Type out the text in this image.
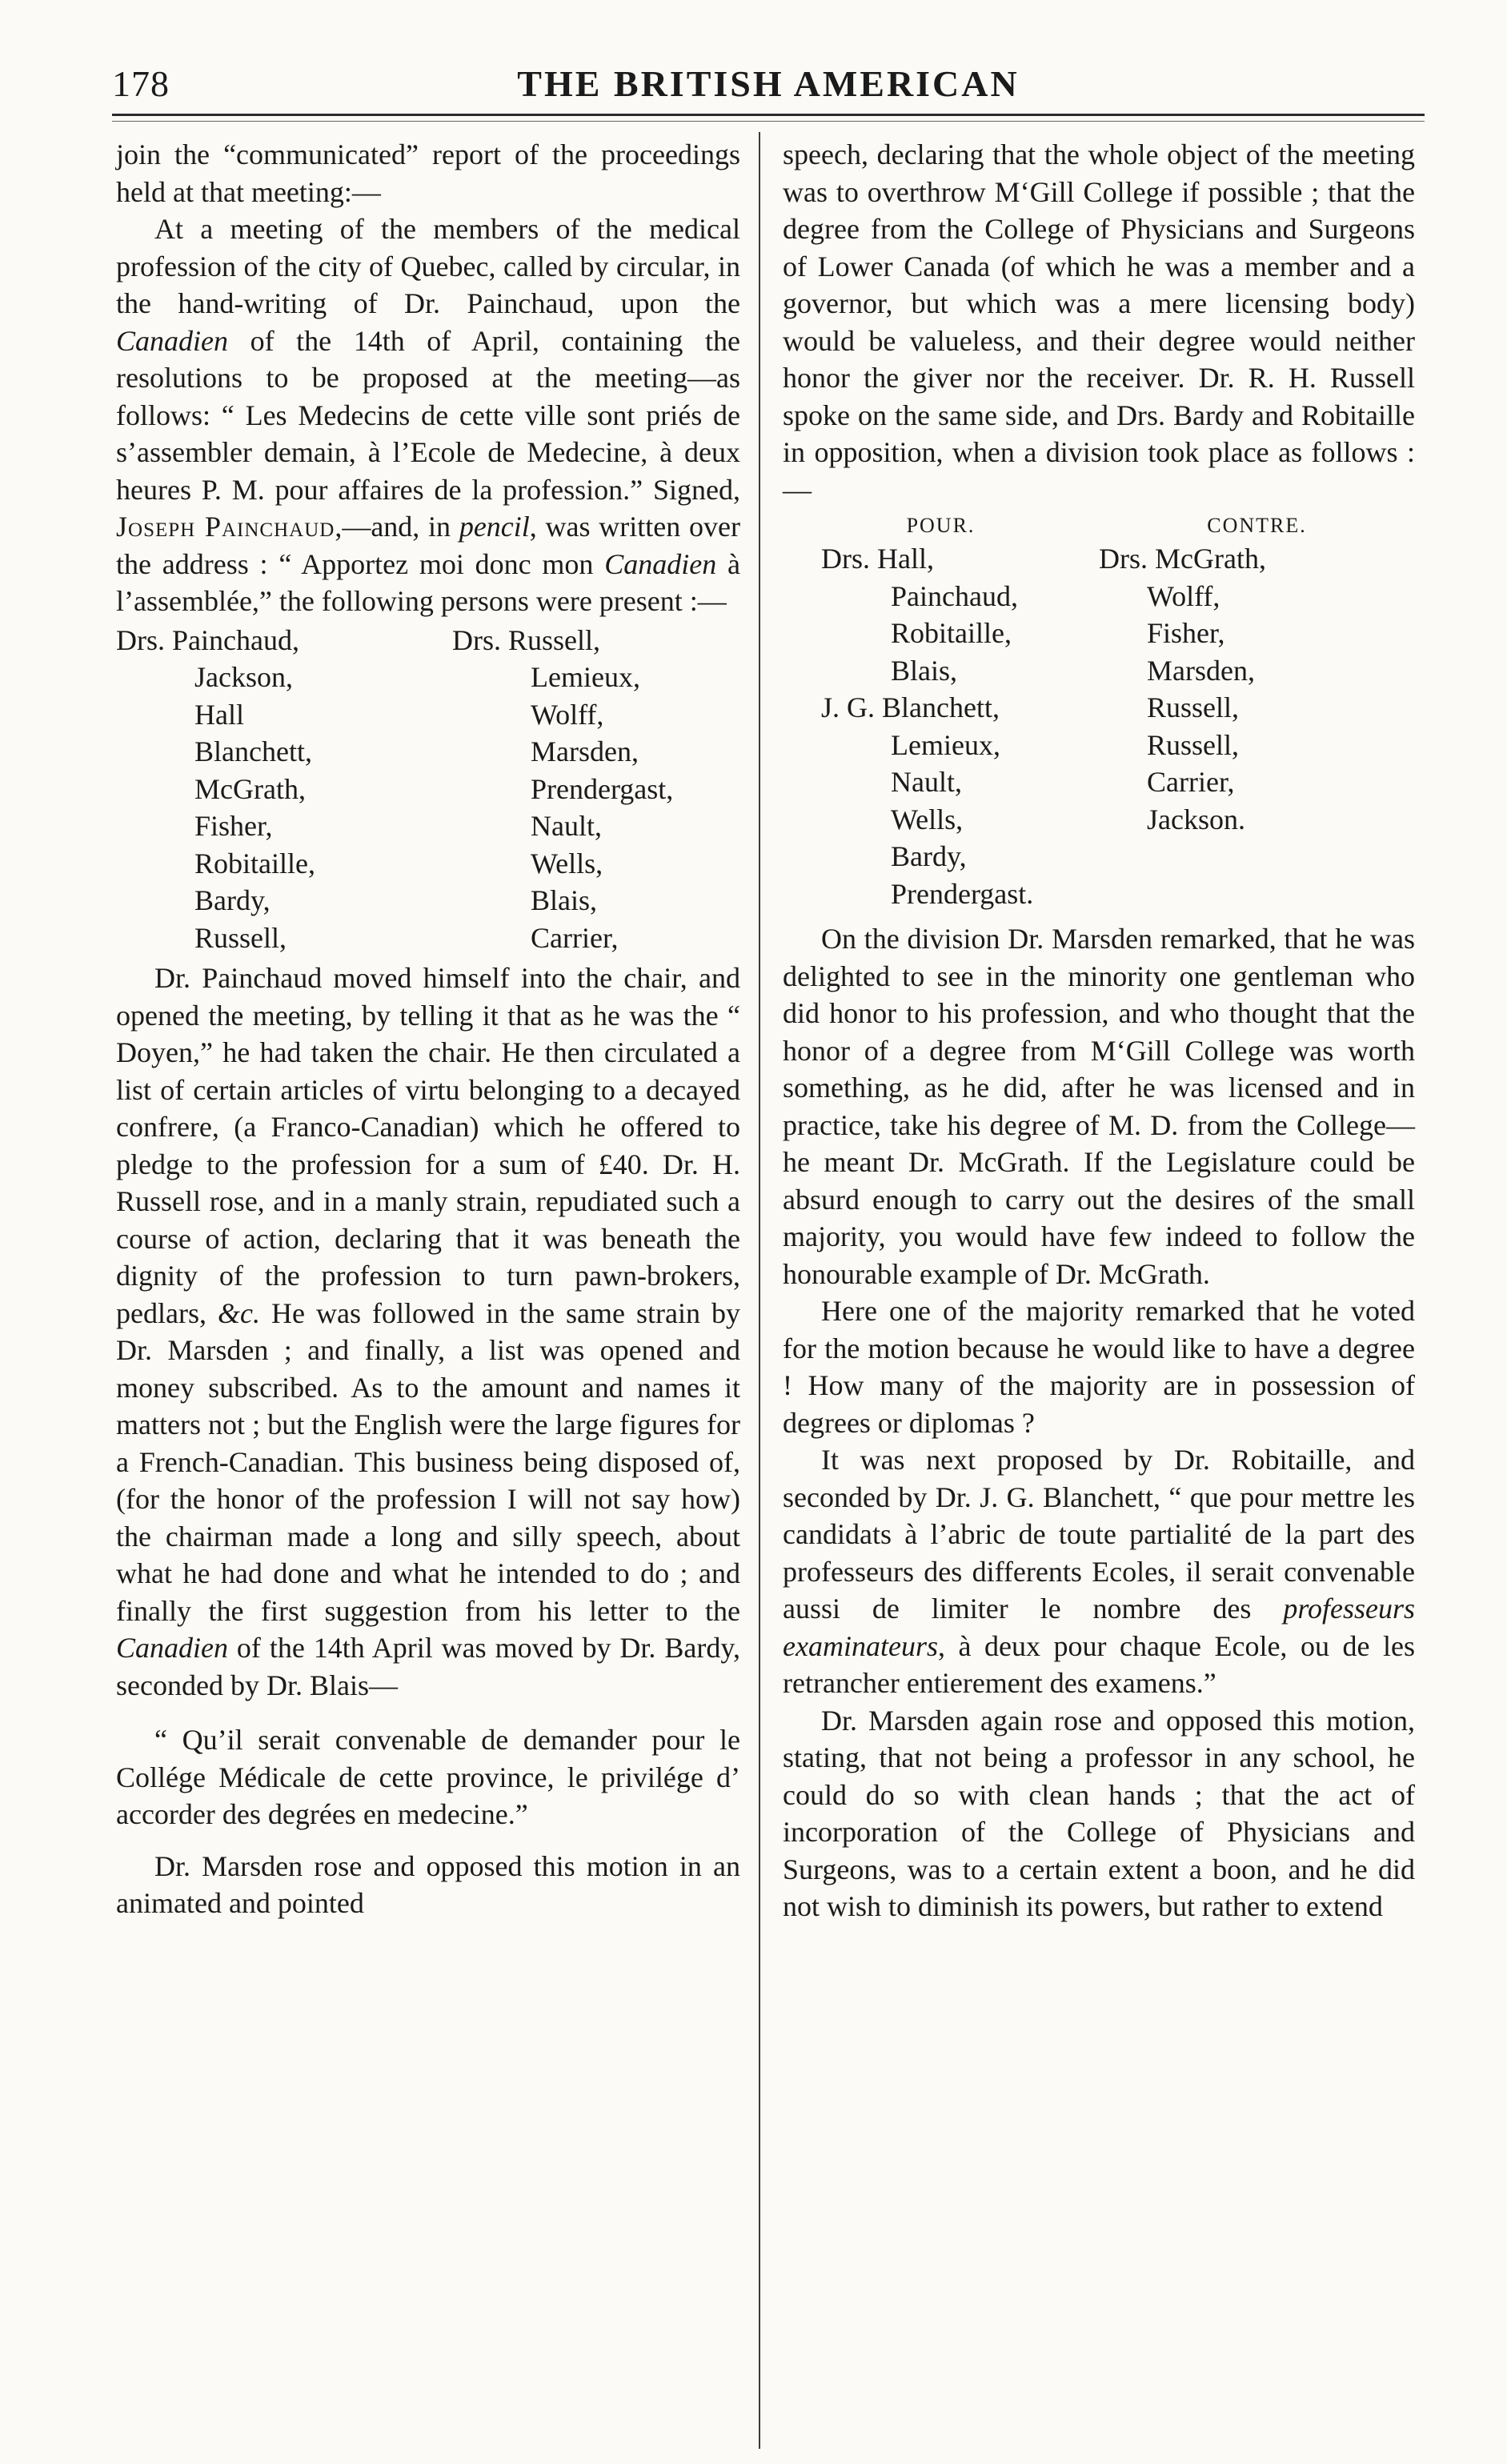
178	THE BRITISH AMERICAN

join the “communicated” report of the proceedings held at that meeting:—

At a meeting of the members of the medical profession of the city of Quebec, called by circular, in the hand-writing of Dr. Painchaud, upon the Canadien of the 14th of April, containing the resolutions to be proposed at the meeting—as follows: “ Les Medecins de cette ville sont priés de s’assembler demain, à l’Ecole de Medecine, à deux heures P. M. pour affaires de la profession.” Signed, Joseph Painchaud,—and, in pencil, was written over the address : “ Apportez moi donc mon Canadien à l’assemblée,” the following persons were present :—

Drs. Painchaud,
Jackson,
Hall
Blanchett,
McGrath,
Fisher,
Robitaille,
Bardy,
Russell,
Drs. Russell,
Lemieux,
Wolff,
Marsden,
Prendergast,
Nault,
Wells,
Blais,
Carrier,

Dr. Painchaud moved himself into the chair, and opened the meeting, by telling it that as he was the “ Doyen,” he had taken the chair. He then circulated a list of certain articles of virtu belonging to a decayed confrere, (a Franco-Canadian) which he offered to pledge to the profession for a sum of £40. Dr. H. Russell rose, and in a manly strain, repudiated such a course of action, declaring that it was beneath the dignity of the profession to turn pawn-brokers, pedlars, &c. He was followed in the same strain by Dr. Marsden ; and finally, a list was opened and money subscribed. As to the amount and names it matters not ; but the English were the large figures for a French-Canadian. This business being disposed of, (for the honor of the profession I will not say how) the chairman made a long and silly speech, about what he had done and what he intended to do ; and finally the first suggestion from his letter to the Canadien of the 14th April was moved by Dr. Bardy, seconded by Dr. Blais—

“ Qu’il serait convenable de demander pour le Collége Médicale de cette province, le privilége d’ accorder des degrées en medecine.”

Dr. Marsden rose and opposed this motion in an animated and pointed

speech, declaring that the whole object of the meeting was to overthrow M‘Gill College if possible ; that the degree from the College of Physicians and Surgeons of Lower Canada (of which he was a member and a governor, but which was a mere licensing body) would be valueless, and their degree would neither honor the giver nor the receiver. Dr. R. H. Russell spoke on the same side, and Drs. Bardy and Robitaille in opposition, when a division took place as follows :—

POUR.	CONTRE.
Drs. Hall,
Painchaud,
Robitaille,
Blais,
J. G. Blanchett,
Lemieux,
Nault,
Wells,
Bardy,
Prendergast.
Drs. McGrath,
Wolff,
Fisher,
Marsden,
Russell,
Russell,
Carrier,
Jackson.

On the division Dr. Marsden remarked, that he was delighted to see in the minority one gentleman who did honor to his profession, and who thought that the honor of a degree from M‘Gill College was worth something, as he did, after he was licensed and in practice, take his degree of M. D. from the College—he meant Dr. McGrath. If the Legislature could be absurd enough to carry out the desires of the small majority, you would have few indeed to follow the honourable example of Dr. McGrath.

Here one of the majority remarked that he voted for the motion because he would like to have a degree ! How many of the majority are in possession of degrees or diplomas ?

It was next proposed by Dr. Robitaille, and seconded by Dr. J. G. Blanchett, “ que pour mettre les candidats à l’abric de toute partialité de la part des professeurs des differents Ecoles, il serait convenable aussi de limiter le nombre des professeurs examinateurs, à deux pour chaque Ecole, ou de les retrancher entierement des examens.”

Dr. Marsden again rose and opposed this motion, stating, that not being a professor in any school, he could do so with clean hands ; that the act of incorporation of the College of Physicians and Surgeons, was to a certain extent a boon, and he did not wish to diminish its powers, but rather to extend
